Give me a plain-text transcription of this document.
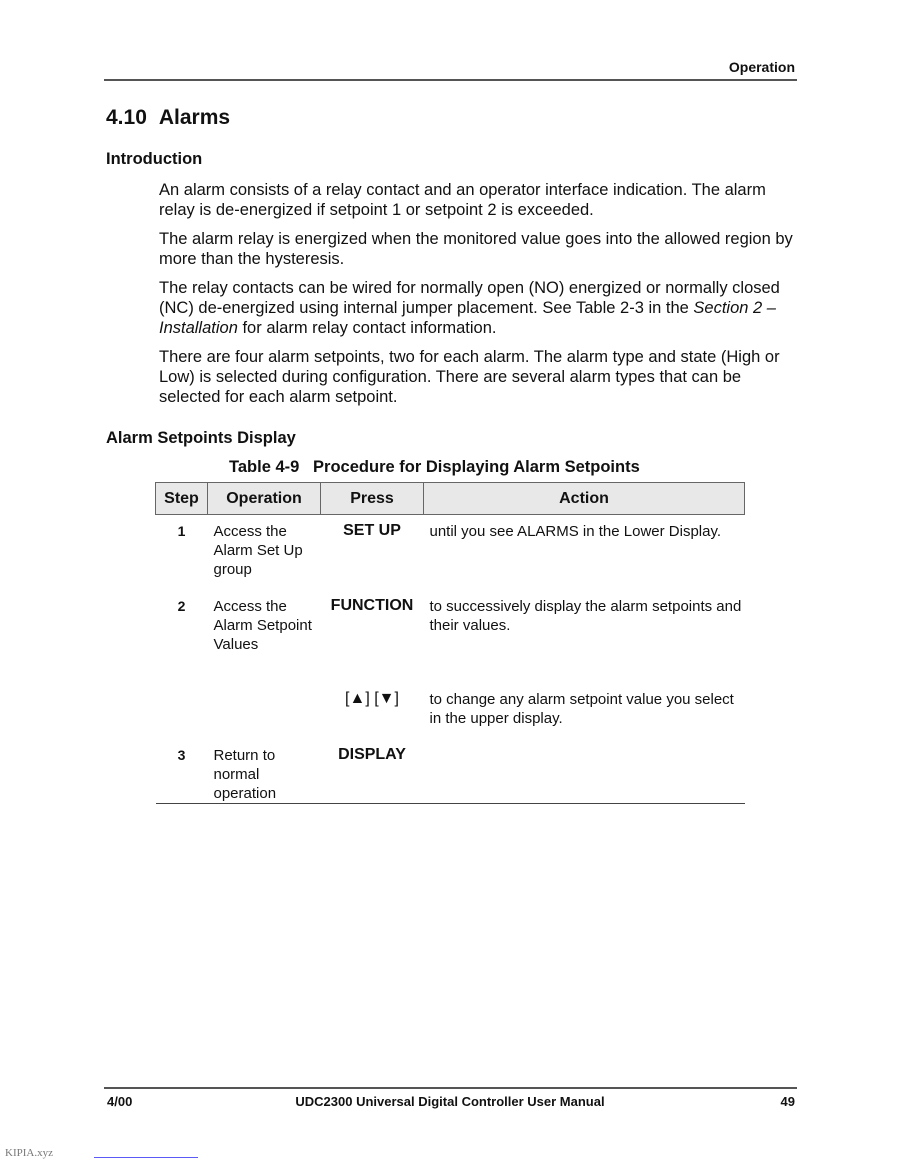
Operation
4.10 Alarms
Introduction

An alarm consists of a relay contact and an operator interface indication. The alarm relay is de-energized if setpoint 1 or setpoint 2 is exceeded.

The alarm relay is energized when the monitored value goes into the allowed region by more than the hysteresis.

The relay contacts can be wired for normally open (NO) energized or normally closed (NC) de-energized using internal jumper placement. See Table 2-3 in the Section 2 – Installation for alarm relay contact information.

There are four alarm setpoints, two for each alarm. The alarm type and state (High or Low) is selected during configuration. There are several alarm types that can be selected for each alarm setpoint.

Alarm Setpoints Display
Table 4-9   Procedure for Displaying Alarm Setpoints
Step	Operation	Press	Action
1	Access the Alarm Set Up group	SET UP	until you see ALARMS in the Lower Display.
2	Access the Alarm Setpoint Values	FUNCTION	to successively display the alarm setpoints and their values.
		[▲] [▼]	to change any alarm setpoint value you select in the upper display.
3	Return to normal operation	DISPLAY	
UDC2300 Universal Digital Controller User Manual
4/00	49
KIPIA.xyz
